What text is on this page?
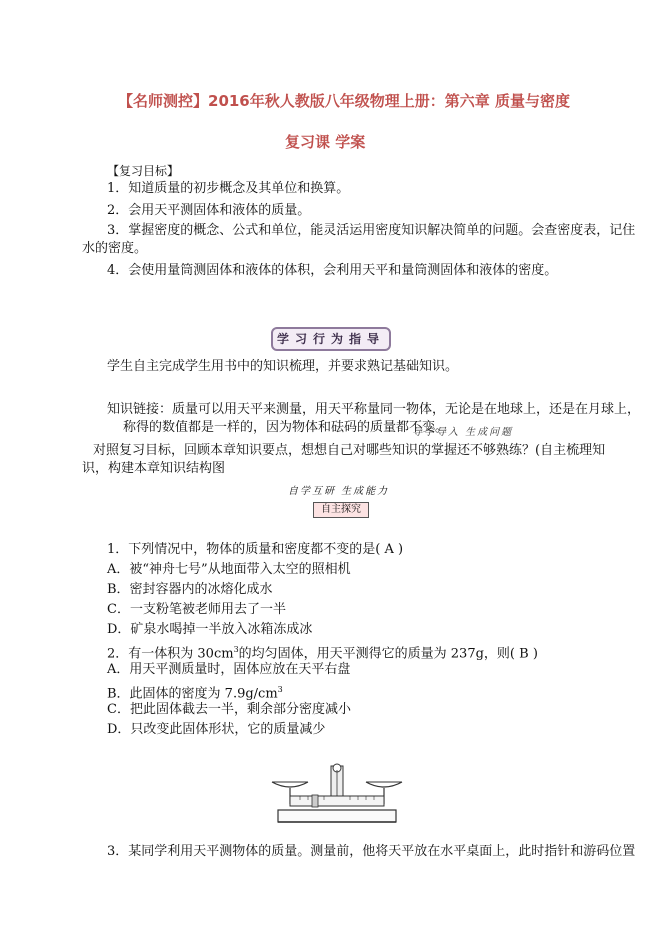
【名师测控】2016年秋人教版八年级物理上册：第六章 质量与密度
复习课 学案
【复习目标】
1．知道质量的初步概念及其单位和换算。
2．会用天平测固体和液体的质量。
3．掌握密度的概念、公式和单位，能灵活运用密度知识解决简单的问题。会查密度表，记住
水的密度。
4．会使用量筒测固体和液体的体积，会利用天平和量筒测固体和液体的密度。
学习行为指导
学生自主完成学生用书中的知识梳理，并要求熟记基础知识。
知识链接：质量可以用天平来测量，用天平称量同一物体，无论是在地球上，还是在月球上，
称得的数值都是一样的，因为物体和砝码的质量都不变。
导学导入 生成问题
对照复习目标，回顾本章知识要点，想想自己对哪些知识的掌握还不够熟练？(自主梳理知
识，构建本章知识结构图
自学互研 生成能力
自主探究
1．下列情况中，物体的质量和密度都不变的是( A )
A．被“神舟七号”从地面带入太空的照相机
B．密封容器内的冰熔化成水
C．一支粉笔被老师用去了一半
D．矿泉水喝掉一半放入冰箱冻成冰
2．有一体积为 $30cm^3$的均匀固体，用天平测得它的质量为 237g，则( B )
A．用天平测质量时，固体应放在天平右盘
B．此固体的密度为 $7.9g/cm^3$
C．把此固体截去一半，剩余部分密度减小
D．只改变此固体形状，它的质量减少
3．某同学利用天平测物体的质量。测量前，他将天平放在水平桌面上，此时指针和游码位置
